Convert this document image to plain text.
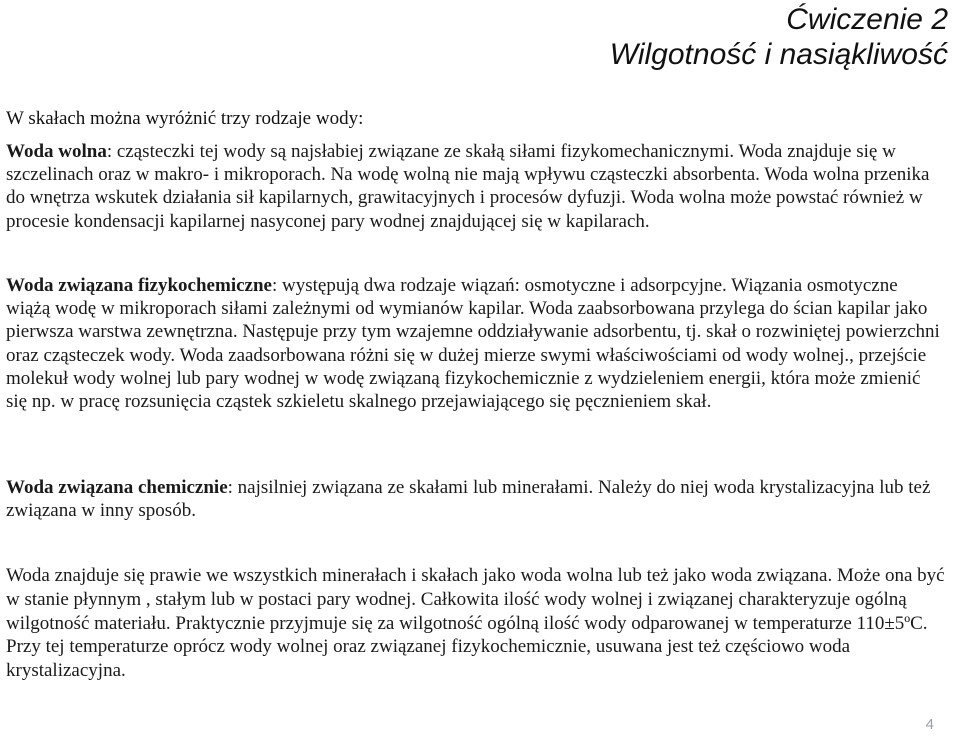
Ćwiczenie 2
Wilgotność i nasiąkliwość
W skałach można wyróżnić trzy rodzaje wody:
Woda wolna: cząsteczki tej wody są najsłabiej związane ze skałą siłami fizykomechanicznymi. Woda znajduje się w szczelinach oraz w makro- i mikroporach. Na wodę wolną nie mają wpływu cząsteczki absorbenta. Woda wolna przenika do wnętrza wskutek działania sił kapilarnych, grawitacyjnych i procesów dyfuzji. Woda wolna może powstać również w procesie kondensacji kapilarnej nasyconej pary wodnej znajdującej się w kapilarach.
Woda związana fizykochemiczne: występują dwa rodzaje wiązań: osmotyczne i adsorpcyjne. Wiązania osmotyczne wiążą wodę w mikroporach siłami zależnymi od wymianów kapilar. Woda zaabsorbowana przylega do ścian kapilar jako pierwsza warstwa zewnętrzna. Następuje przy tym wzajemne oddziaływanie adsorbentu, tj. skał o rozwiniętej powierzchni oraz cząsteczek wody. Woda zaadsorbowana różni się w dużej mierze swymi właściwościami od wody wolnej., przejście molekuł wody wolnej lub pary wodnej w wodę związaną fizykochemicznie z wydzieleniem energii, która może zmienić się np. w pracę rozsunięcia cząstek szkieletu skalnego przejawiającego się pęcznieniem skał.
Woda związana chemicznie: najsilniej związana ze skałami lub minerałami. Należy do niej woda krystalizacyjna lub też związana w inny sposób.
Woda znajduje się prawie we wszystkich minerałach i skałach jako woda wolna lub też jako woda związana. Może ona być w stanie płynnym , stałym lub w postaci pary wodnej. Całkowita ilość wody wolnej i związanej charakteryzuje ogólną wilgotność materiału. Praktycznie przyjmuje się za wilgotność ogólną ilość wody odparowanej w temperaturze 110±5ºC. Przy tej temperaturze oprócz wody wolnej oraz związanej fizykochemicznie, usuwana jest też częściowo woda krystalizacyjna.
4
